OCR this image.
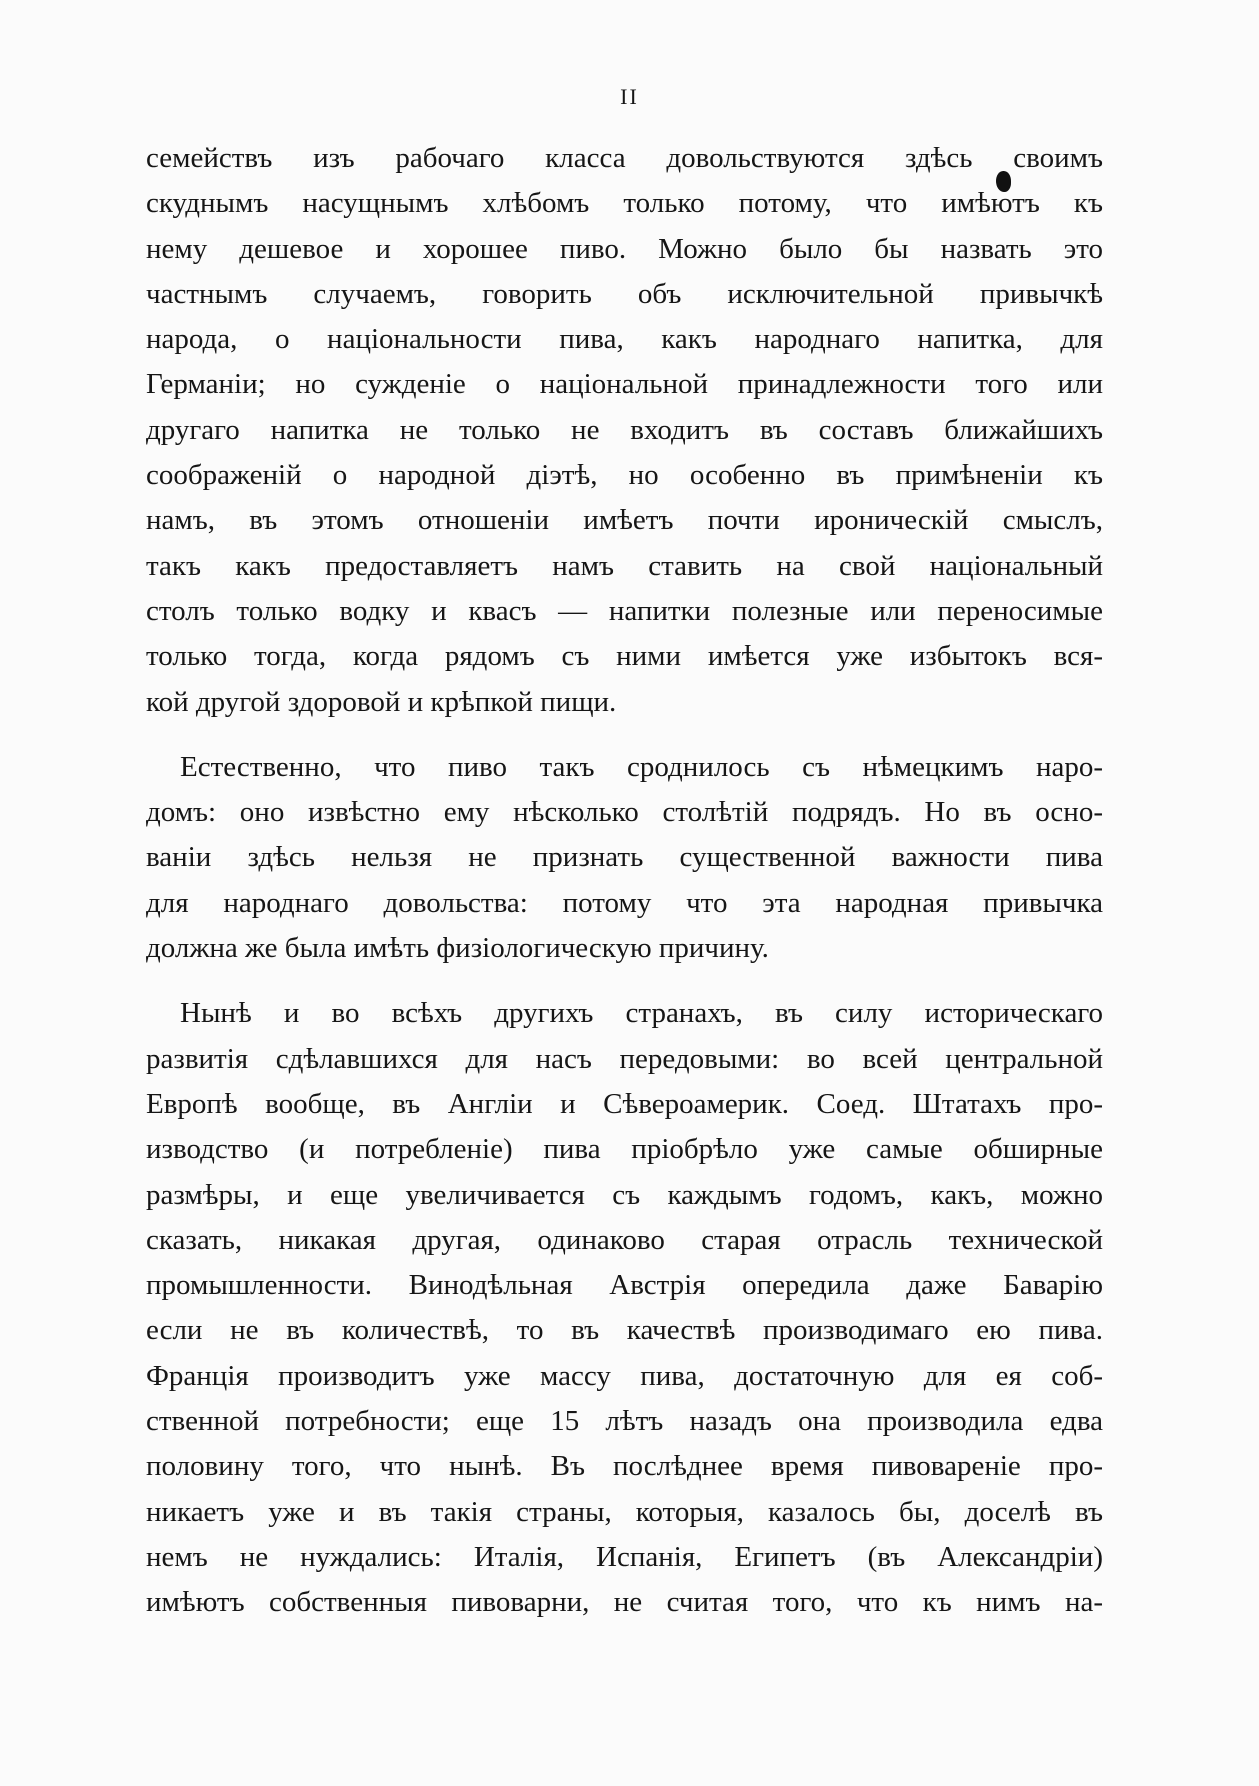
II
семействъ изъ рабочаго класса довольствуются здѣсь своимъ
скуднымъ насущнымъ хлѣбомъ только потому, что имѣютъ къ
нему дешевое и хорошее пиво. Можно было бы назвать это
частнымъ случаемъ, говорить объ исключительной привычкѣ
народа, о національности пива, какъ народнаго напитка, для
Германіи; но сужденіе о національной принадлежности того или
другаго напитка не только не входитъ въ составъ ближайшихъ
соображеній о народной діэтѣ, но особенно въ примѣненіи къ
намъ, въ этомъ отношеніи имѣетъ почти ироническій смыслъ,
такъ какъ предоставляетъ намъ ставить на свой національный
столъ только водку и квасъ — напитки полезные или переносимые
только тогда, когда рядомъ съ ними имѣется уже избытокъ вся-
кой другой здоровой и крѣпкой пищи.
Естественно, что пиво такъ сроднилось съ нѣмецкимъ наро-
домъ: оно извѣстно ему нѣсколько столѣтій подрядъ. Но въ осно-
ваніи здѣсь нельзя не признать существенной важности пива
для народнаго довольства: потому что эта народная привычка
должна же была имѣть физіологическую причину.
Нынѣ и во всѣхъ другихъ странахъ, въ силу историческаго
развитія сдѣлавшихся для насъ передовыми: во всей центральной
Европѣ вообще, въ Англіи и Сѣвероамерик. Соед. Штатахъ про-
изводство (и потребленіе) пива пріобрѣло уже самые обширные
размѣры, и еще увеличивается съ каждымъ годомъ, какъ, можно
сказать, никакая другая, одинаково старая отрасль технической
промышленности. Винодѣльная Австрія опередила даже Баварію
если не въ количествѣ, то въ качествѣ производимаго ею пива.
Франція производитъ уже массу пива, достаточную для ея соб-
ственной потребности; еще 15 лѣтъ назадъ она производила едва
половину того, что нынѣ. Въ послѣднее время пивовареніе про-
никаетъ уже и въ такія страны, которыя, казалось бы, доселѣ въ
немъ не нуждались: Италія, Испанія, Египетъ (въ Александріи)
имѣютъ собственныя пивоварни, не считая того, что къ нимъ на-
